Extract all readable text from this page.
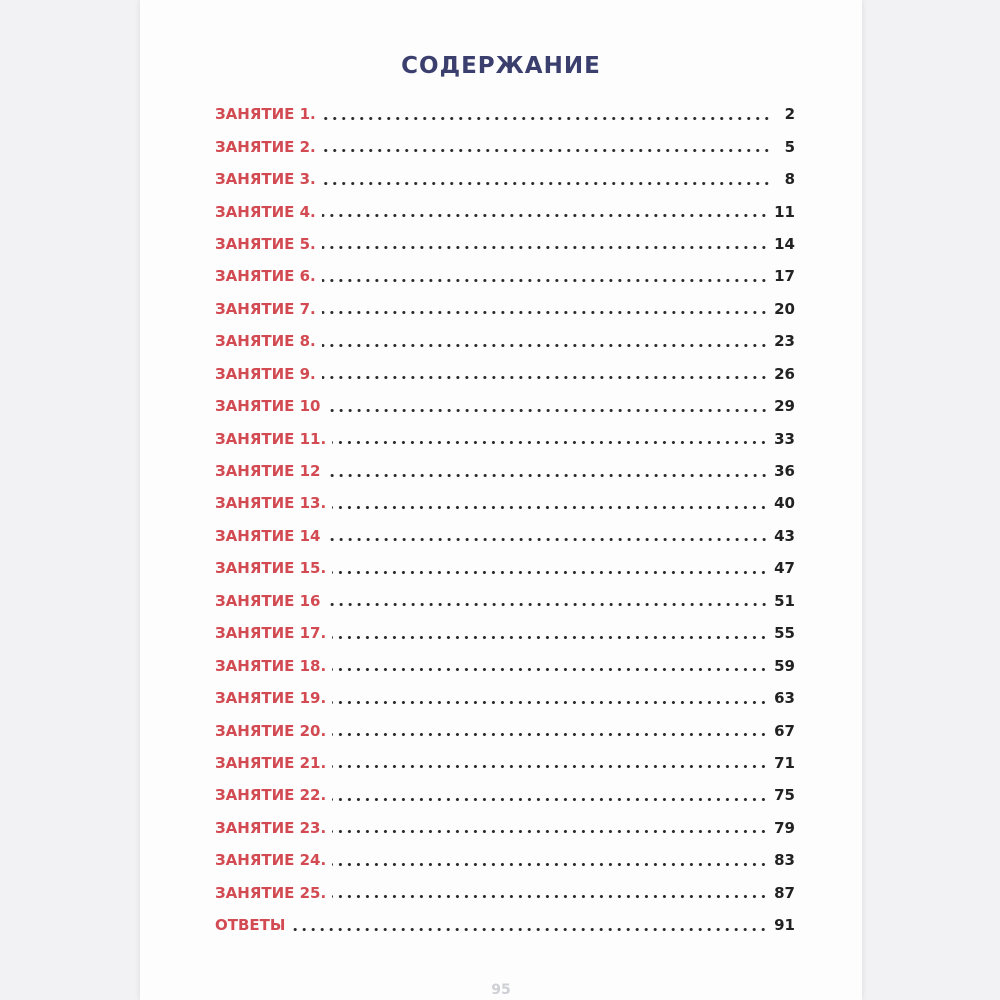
СОДЕРЖАНИЕ
ЗАНЯТИЕ 1.	2
ЗАНЯТИЕ 2.	5
ЗАНЯТИЕ 3.	8
ЗАНЯТИЕ 4.	11
ЗАНЯТИЕ 5.	14
ЗАНЯТИЕ 6.	17
ЗАНЯТИЕ 7.	20
ЗАНЯТИЕ 8.	23
ЗАНЯТИЕ 9.	26
ЗАНЯТИЕ 10	29
ЗАНЯТИЕ 11.	33
ЗАНЯТИЕ 12	36
ЗАНЯТИЕ 13.	40
ЗАНЯТИЕ 14	43
ЗАНЯТИЕ 15.	47
ЗАНЯТИЕ 16	51
ЗАНЯТИЕ 17.	55
ЗАНЯТИЕ 18.	59
ЗАНЯТИЕ 19.	63
ЗАНЯТИЕ 20.	67
ЗАНЯТИЕ 21.	71
ЗАНЯТИЕ 22.	75
ЗАНЯТИЕ 23.	79
ЗАНЯТИЕ 24.	83
ЗАНЯТИЕ 25.	87
ОТВЕТЫ	91
95
